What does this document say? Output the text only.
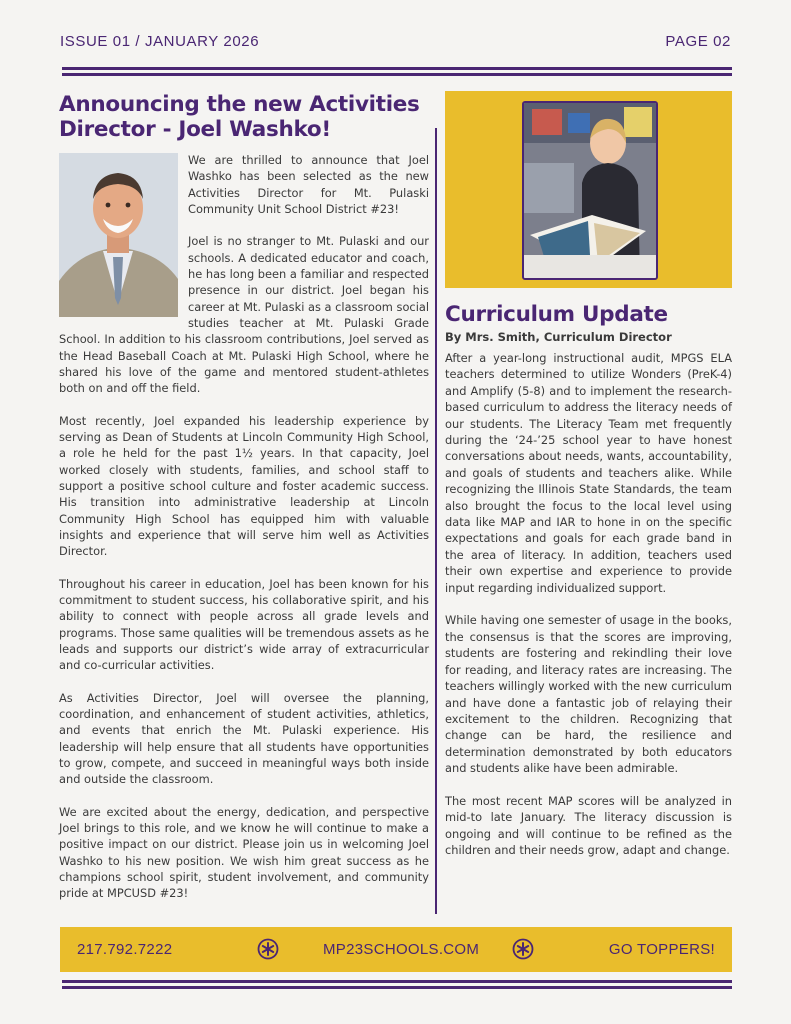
ISSUE 01 / JANUARY 2026	PAGE 02
Announcing the new Activities Director - Joel Washko!

We are thrilled to announce that Joel Washko has been selected as the new Activities Director for Mt. Pulaski Community Unit School District #23!

Joel is no stranger to Mt. Pulaski and our schools. A dedicated educator and coach, he has long been a familiar and respected presence in our district. Joel began his career at Mt. Pulaski as a classroom social studies teacher at Mt. Pulaski Grade School. In addition to his classroom contributions, Joel served as the Head Baseball Coach at Mt. Pulaski High School, where he shared his love of the game and mentored student-athletes both on and off the field.

Most recently, Joel expanded his leadership experience by serving as Dean of Students at Lincoln Community High School, a role he held for the past 1½ years. In that capacity, Joel worked closely with students, families, and school staff to support a positive school culture and foster academic success. His transition into administrative leadership at Lincoln Community High School has equipped him with valuable insights and experience that will serve him well as Activities Director.

Throughout his career in education, Joel has been known for his commitment to student success, his collaborative spirit, and his ability to connect with people across all grade levels and programs. Those same qualities will be tremendous assets as he leads and supports our district’s wide array of extracurricular and co-curricular activities.

As Activities Director, Joel will oversee the planning, coordination, and enhancement of student activities, athletics, and events that enrich the Mt. Pulaski experience. His leadership will help ensure that all students have opportunities to grow, compete, and succeed in meaningful ways both inside and outside the classroom.

We are excited about the energy, dedication, and perspective Joel brings to this role, and we know he will continue to make a positive impact on our district. Please join us in welcoming Joel Washko to his new position. We wish him great success as he champions school spirit, student involvement, and community pride at MPCUSD #23!

Curriculum Update
By Mrs. Smith, Curriculum Director

After a year-long instructional audit, MPGS ELA teachers determined to utilize Wonders (PreK-4) and Amplify (5-8) and to implement the research-based curriculum to address the literacy needs of our students. The Literacy Team met frequently during the ‘24-’25 school year to have honest conversations about needs, wants, accountability, and goals of students and teachers alike. While recognizing the Illinois State Standards, the team also brought the focus to the local level using data like MAP and IAR to hone in on the specific expectations and goals for each grade band in the area of literacy. In addition, teachers used their own expertise and experience to provide input regarding individualized support.

While having one semester of usage in the books, the consensus is that the scores are improving, students are fostering and rekindling their love for reading, and literacy rates are increasing. The teachers willingly worked with the new curriculum and have done a fantastic job of relaying their excitement to the children. Recognizing that change can be hard, the resilience and determination demonstrated by both educators and students alike have been admirable.

The most recent MAP scores will be analyzed in mid-to late January. The literacy discussion is ongoing and will continue to be refined as the children and their needs grow, adapt and change.

217.792.7222	MP23SCHOOLS.COM	GO TOPPERS!
